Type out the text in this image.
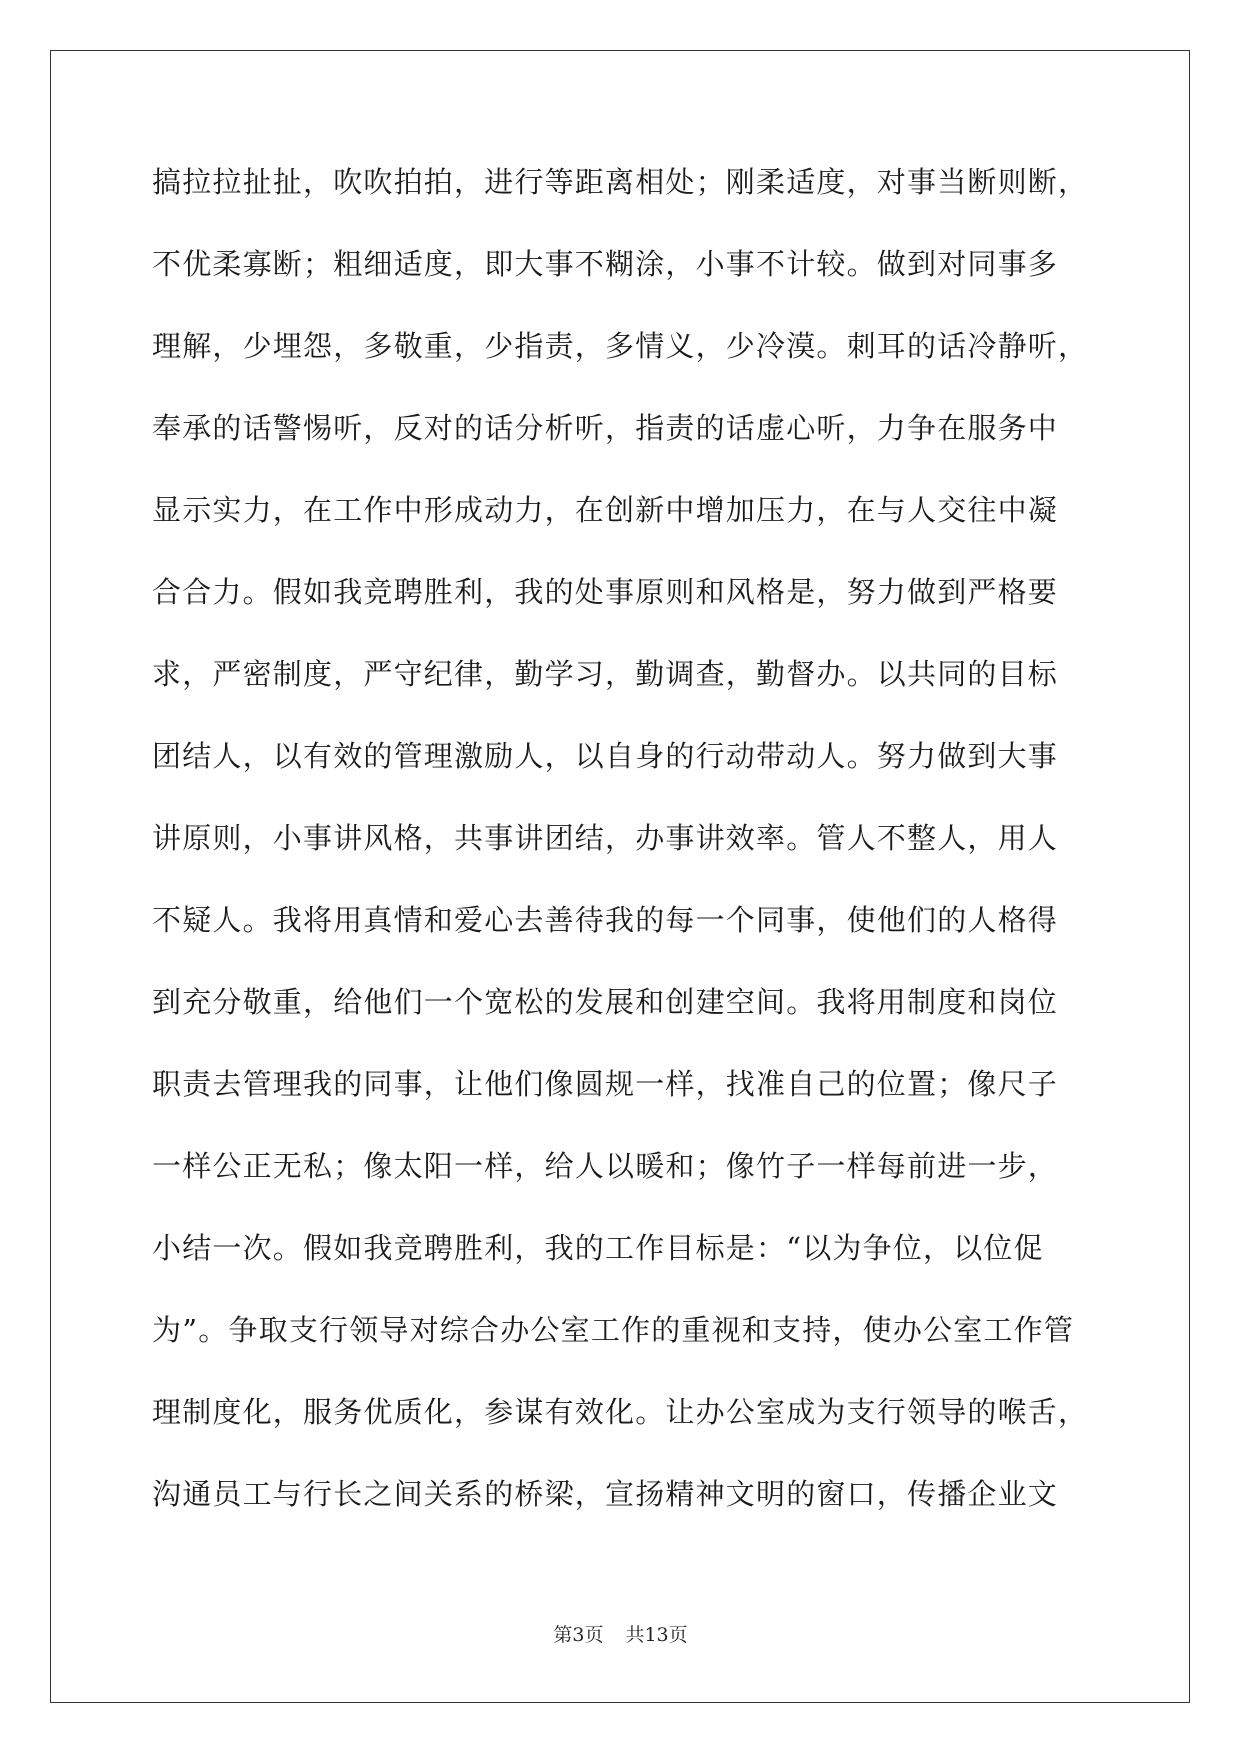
搞拉拉扯扯，吹吹拍拍，进行等距离相处；刚柔适度，对事当断则断，
不优柔寡断；粗细适度，即大事不糊涂，小事不计较。做到对同事多
理解，少埋怨，多敬重，少指责，多情义，少冷漠。刺耳的话冷静听，
奉承的话警惕听，反对的话分析听，指责的话虚心听，力争在服务中
显示实力，在工作中形成动力，在创新中增加压力，在与人交往中凝
合合力。假如我竞聘胜利，我的处事原则和风格是，努力做到严格要
求，严密制度，严守纪律，勤学习，勤调查，勤督办。以共同的目标
团结人，以有效的管理激励人，以自身的行动带动人。努力做到大事
讲原则，小事讲风格，共事讲团结，办事讲效率。管人不整人，用人
不疑人。我将用真情和爱心去善待我的每一个同事，使他们的人格得
到充分敬重，给他们一个宽松的发展和创建空间。我将用制度和岗位
职责去管理我的同事，让他们像圆规一样，找准自己的位置；像尺子
一样公正无私；像太阳一样，给人以暖和；像竹子一样每前进一步，
小结一次。假如我竞聘胜利，我的工作目标是：“以为争位，以位促
为”。争取支行领导对综合办公室工作的重视和支持，使办公室工作管
理制度化，服务优质化，参谋有效化。让办公室成为支行领导的喉舌，
沟通员工与行长之间关系的桥梁，宣扬精神文明的窗口，传播企业文
第3页 共13页
